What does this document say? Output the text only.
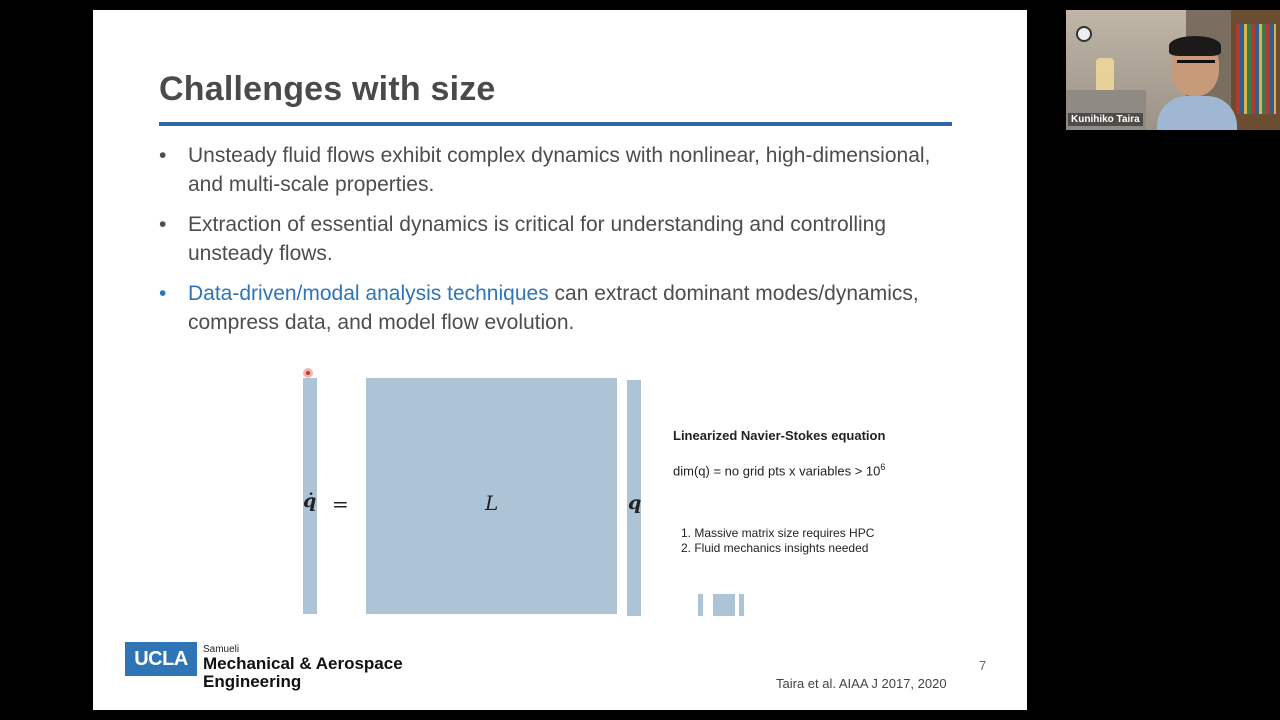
Challenges with size
• Unsteady fluid flows exhibit complex dynamics with nonlinear, high-dimensional, and multi-scale properties.
• Extraction of essential dynamics is critical for understanding and controlling unsteady flows.
• Data-driven/modal analysis techniques can extract dominant modes/dynamics, compress data, and model flow evolution.
q̇ =	L	q
Linearized Navier-Stokes equation
dim(q) = no grid pts x variables > $10^6$
1. Massive matrix size requires HPC
2. Fluid mechanics insights needed
UCLA	Samueli
Mechanical & Aerospace
Engineering
7
Taira et al. AIAA J 2017, 2020
Kunihiko Taira
